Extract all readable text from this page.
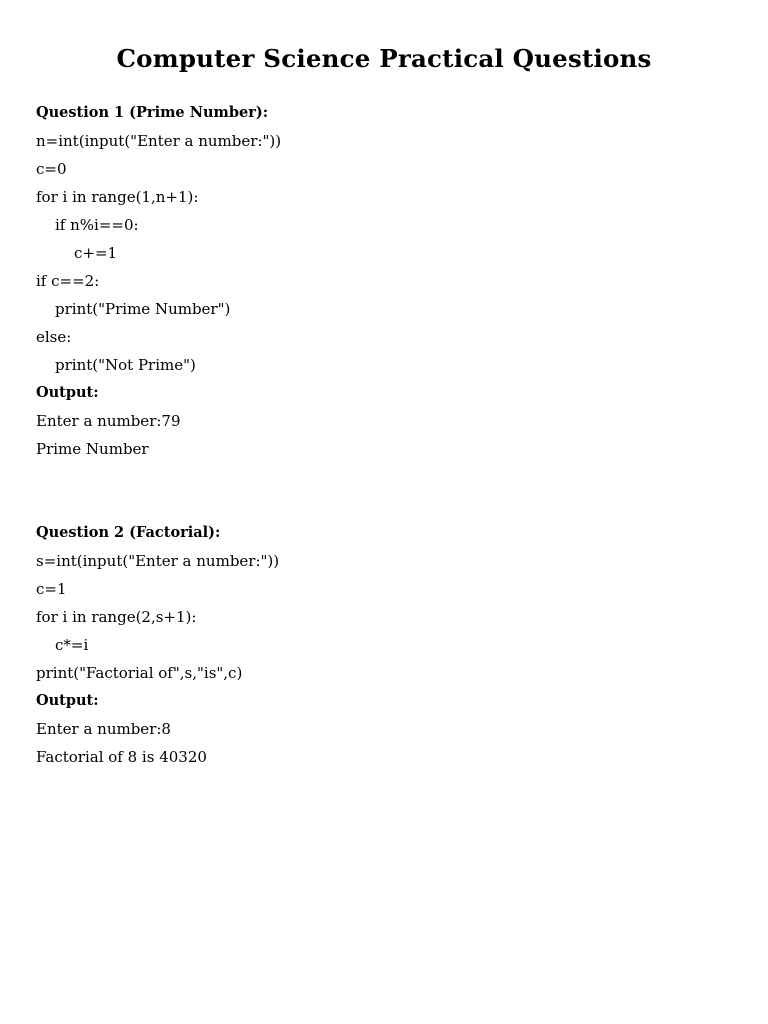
Computer Science Practical Questions
Question 1 (Prime Number):
n=int(input("Enter a number:"))
c=0
for i in range(1,n+1):
if n%i==0:
c+=1
if c==2:
print("Prime Number")
else:
print("Not Prime")
Output:
Enter a number:79
Prime Number
Question 2 (Factorial):
s=int(input("Enter a number:"))
c=1
for i in range(2,s+1):
c*=i
print("Factorial of",s,"is",c)
Output:
Enter a number:8
Factorial of 8 is 40320
